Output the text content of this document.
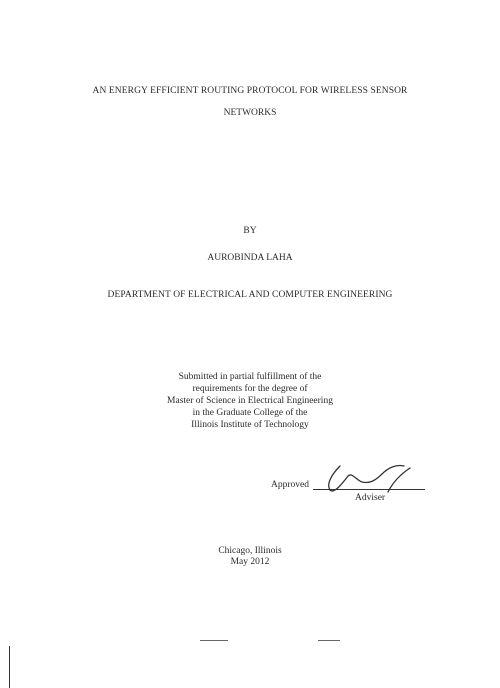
AN ENERGY EFFICIENT ROUTING PROTOCOL FOR WIRELESS SENSOR
NETWORKS
BY
AUROBINDA LAHA
DEPARTMENT OF ELECTRICAL AND COMPUTER ENGINEERING
Submitted in partial fulfillment of the
requirements for the degree of
Master of Science in Electrical Engineering
in the Graduate College of the
Illinois Institute of Technology
Approved
Adviser
Chicago, Illinois
May 2012
